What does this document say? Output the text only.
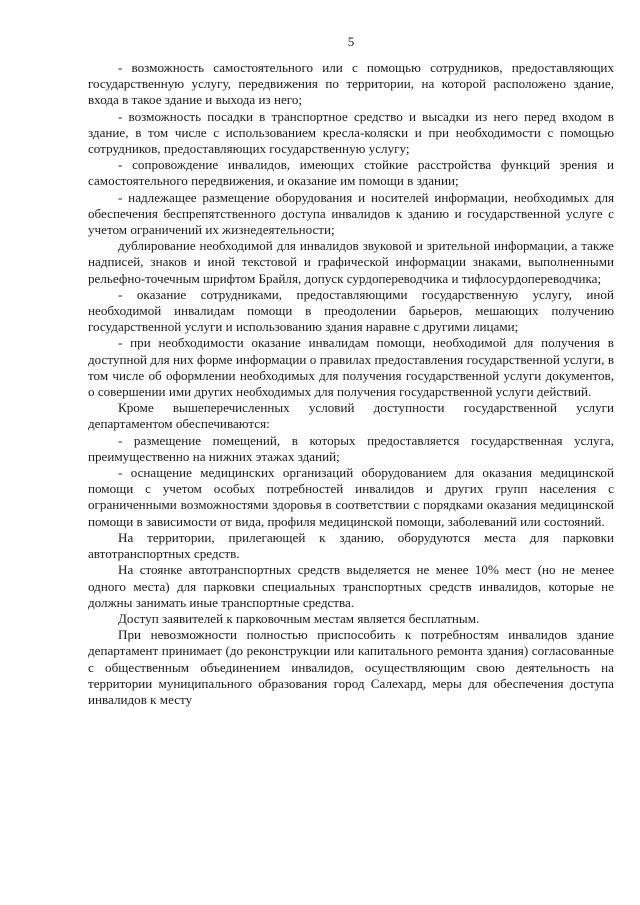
5

- возможность самостоятельного или с помощью сотрудников, предоставляющих государственную услугу, передвижения по территории, на которой расположено здание, входа в такое здание и выхода из него;

- возможность посадки в транспортное средство и высадки из него перед входом в здание, в том числе с использованием кресла-коляски и при необходимости с помощью сотрудников, предоставляющих государственную услугу;

- сопровождение инвалидов, имеющих стойкие расстройства функций зрения и самостоятельного передвижения, и оказание им помощи в здании;

- надлежащее размещение оборудования и носителей информации, необходимых для обеспечения беспрепятственного доступа инвалидов к зданию и государственной услуге с учетом ограничений их жизнедеятельности;

дублирование необходимой для инвалидов звуковой и зрительной информации, а также надписей, знаков и иной текстовой и графической информации знаками, выполненными рельефно-точечным шрифтом Брайля, допуск сурдопереводчика и тифлосурдопереводчика;

- оказание сотрудниками, предоставляющими государственную услугу, иной необходимой инвалидам помощи в преодолении барьеров, мешающих получению государственной услуги и использованию здания наравне с другими лицами;

- при необходимости оказание инвалидам помощи, необходимой для получения в доступной для них форме информации о правилах предоставления государственной услуги, в том числе об оформлении необходимых для получения государственной услуги документов, о совершении ими других необходимых для получения государственной услуги действий.

Кроме вышеперечисленных условий доступности государственной услуги департаментом обеспечиваются:

- размещение помещений, в которых предоставляется государственная услуга, преимущественно на нижних этажах зданий;

- оснащение медицинских организаций оборудованием для оказания медицинской помощи с учетом особых потребностей инвалидов и других групп населения с ограниченными возможностями здоровья в соответствии с порядками оказания медицинской помощи в зависимости от вида, профиля медицинской помощи, заболеваний или состояний.

На территории, прилегающей к зданию, оборудуются места для парковки автотранспортных средств.

На стоянке автотранспортных средств выделяется не менее 10% мест (но не менее одного места) для парковки специальных транспортных средств инвалидов, которые не должны занимать иные транспортные средства.

Доступ заявителей к парковочным местам является бесплатным.

При невозможности полностью приспособить к потребностям инвалидов здание департамент принимает (до реконструкции или капитального ремонта здания) согласованные с общественным объединением инвалидов, осуществляющим свою деятельность на территории муниципального образования город Салехард, меры для обеспечения доступа инвалидов к месту
